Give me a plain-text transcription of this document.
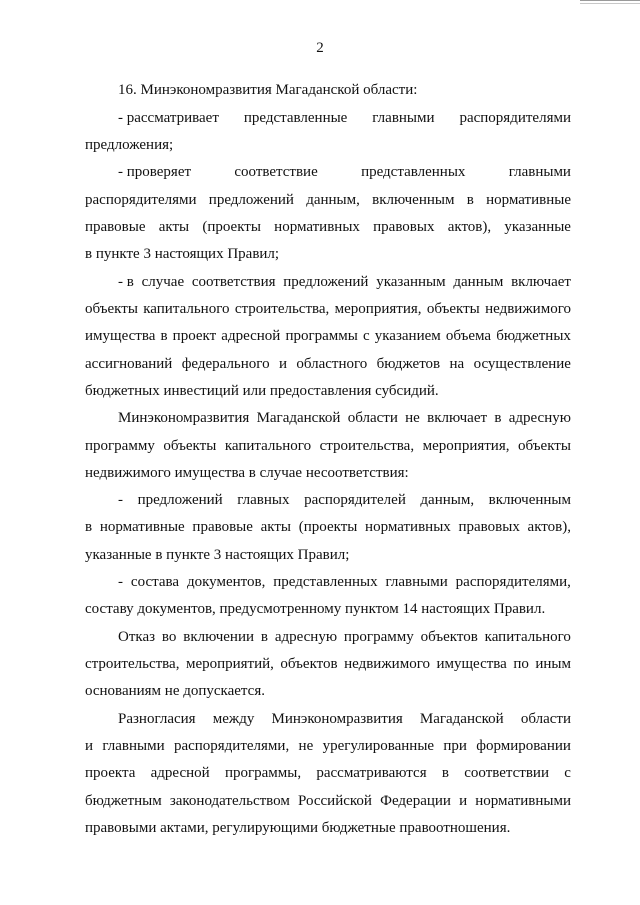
2
16. Минэкономразвития Магаданской области:
- рассматривает представленные главными распорядителями
предложения;
- проверяет	соответствие	представленных	главными
распорядителями предложений данным, включенным в нормативные
правовые акты (проекты нормативных правовых актов), указанные
в пункте 3 настоящих Правил;
- в случае соответствия предложений указанным данным включает
объекты капитального строительства, мероприятия, объекты недвижимого
имущества в проект адресной программы с указанием объема бюджетных
ассигнований федерального и областного бюджетов на осуществление
бюджетных инвестиций или предоставления субсидий.
Минэкономразвития Магаданской области не включает в адресную
программу объекты капитального строительства, мероприятия, объекты
недвижимого имущества в случае несоответствия:
- предложений главных распорядителей данным, включенным
в нормативные правовые акты (проекты нормативных правовых актов),
указанные в пункте 3 настоящих Правил;
- состава документов, представленных главными распорядителями,
составу документов, предусмотренному пунктом 14 настоящих Правил.
Отказ во включении в адресную программу объектов капитального
строительства, мероприятий, объектов недвижимого имущества по иным
основаниям не допускается.
Разногласия между Минэкономразвития Магаданской области
и главными распорядителями, не урегулированные при формировании
проекта адресной программы, рассматриваются в соответствии с
бюджетным законодательством Российской Федерации и нормативными
правовыми актами, регулирующими бюджетные правоотношения.
